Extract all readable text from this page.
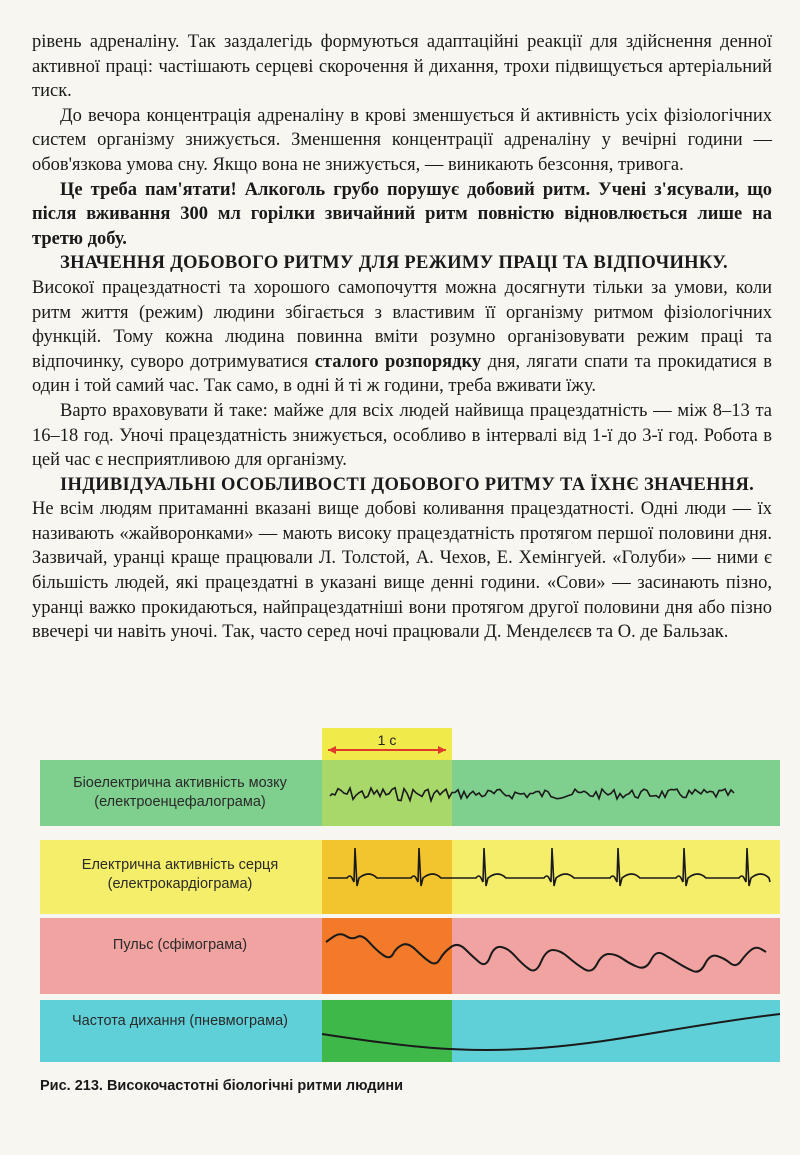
рівень адреналіну. Так заздалегідь формуються адаптаційні реакції для здійснення денної активної праці: частішають серцеві скорочення й дихання, трохи підвищується артеріальний тиск.

До вечора концентрація адреналіну в крові зменшується й активність усіх фізіологічних систем організму знижується. Зменшення концентрації адреналіну у вечірні години — обов'язкова умова сну. Якщо вона не знижується, — виникають безсоння, тривога.

Це треба пам'ятати! Алкоголь грубо порушує добовий ритм. Учені з'ясували, що після вживання 300 мл горілки звичайний ритм повністю відновлюється лише на третю добу.

ЗНАЧЕННЯ ДОБОВОГО РИТМУ ДЛЯ РЕЖИМУ ПРАЦІ ТА ВІДПОЧИНКУ.
Високої працездатності та хорошого самопочуття можна досягнути тільки за умови, коли ритм життя (режим) людини збігається з властивим її організму ритмом фізіологічних функцій. Тому кожна людина повинна вміти розумно організовувати режим праці та відпочинку, суворо дотримуватися сталого розпорядку дня, лягати спати та прокидатися в один і той самий час. Так само, в одні й ті ж години, треба вживати їжу.

Варто враховувати й таке: майже для всіх людей найвища працездатність — між 8–13 та 16–18 год. Уночі працездатність знижується, особливо в інтервалі від 1-ї до 3-ї год. Робота в цей час є несприятливою для організму.

ІНДИВІДУАЛЬНІ ОСОБЛИВОСТІ ДОБОВОГО РИТМУ ТА ЇХНЄ ЗНАЧЕННЯ.
Не всім людям притаманні вказані вище добові коливання працездатності. Одні люди — їх називають «жайворонками» — мають високу працездатність протягом першої половини дня. Зазвичай, уранці краще працювали Л. Толстой, А. Чехов, Е. Хемінгуей. «Голуби» — ними є більшість людей, які працездатні в указані вище денні години. «Сови» — засинають пізно, уранці важко прокидаються, найпрацездатніші вони протягом другої половини дня або пізно ввечері чи навіть уночі. Так, часто серед ночі працювали Д. Менделєєв та О. де Бальзак.

1 с
Біоелектрична активність мозку (електроенцефалограма)
Електрична активність серця (електрокардіограма)
Пульс (сфімограма)
Частота дихання (пневмограма)
Рис. 213. Високочастотні біологічні ритми людини
